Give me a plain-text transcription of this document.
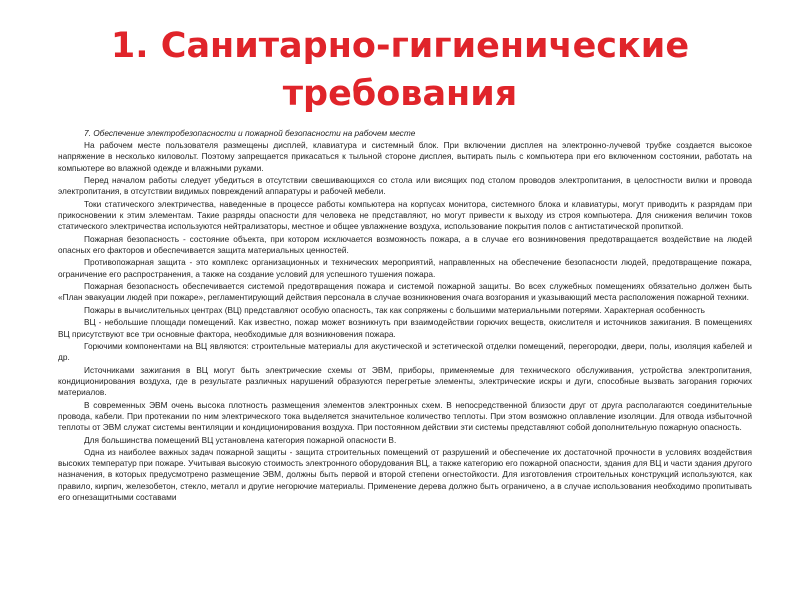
1. Санитарно-гигиенические
требования

7. Обеспечение электробезопасности и пожарной безопасности на рабочем месте

На рабочем месте пользователя размещены дисплей, клавиатура и системный блок. При включении дисплея на электронно-лучевой трубке создается высокое напряжение в несколько киловольт. Поэтому запрещается прикасаться к тыльной стороне дисплея, вытирать пыль с компьютера при его включенном состоянии, работать на компьютере во влажной одежде и влажными руками.

Перед началом работы следует убедиться в отсутствии свешивающихся со стола или висящих под столом проводов электропитания, в целостности вилки и провода электропитания, в отсутствии видимых повреждений аппаратуры и рабочей мебели.

Токи статического электричества, наведенные в процессе работы компьютера на корпусах монитора, системного блока и клавиатуры, могут приводить к разрядам при прикосновении к этим элементам. Такие разряды опасности для человека не представляют, но могут привести к выходу из строя компьютера. Для снижения величин токов статического электричества используются нейтрализаторы, местное и общее увлажнение воздуха, использование покрытия полов с антистатической пропиткой.

Пожарная безопасность - состояние объекта, при котором исключается возможность пожара, а в случае его возникновения предотвращается воздействие на людей опасных его факторов и обеспечивается защита материальных ценностей.

Противопожарная защита - это комплекс организационных и технических мероприятий, направленных на обеспечение безопасности людей, предотвращение пожара, ограничение его распространения, а также на создание условий для успешного тушения пожара.

Пожарная безопасность обеспечивается системой предотвращения пожара и системой пожарной защиты. Во всех служебных помещениях обязательно должен быть «План эвакуации людей при пожаре», регламентирующий действия персонала в случае возникновения очага возгорания и указывающий места расположения пожарной техники.

Пожары в вычислительных центрах (ВЦ) представляют особую опасность, так как сопряжены с большими материальными потерями. Характерная особенность

ВЦ - небольшие площади помещений. Как известно, пожар может возникнуть при взаимодействии горючих веществ, окислителя и источников зажигания. В помещениях ВЦ присутствуют все три основные фактора, необходимые для возникновения пожара.

Горючими компонентами на ВЦ являются: строительные материалы для акустической и эстетической отделки помещений, перегородки, двери, полы, изоляция кабелей и др.

Источниками зажигания в ВЦ могут быть электрические схемы от ЭВМ, приборы, применяемые для технического обслуживания, устройства электропитания, кондиционирования воздуха, где в результате различных нарушений образуются перегретые элементы, электрические искры и дуги, способные вызвать загорания горючих материалов.

В современных ЭВМ очень высока плотность размещения элементов электронных схем. В непосредственной близости друг от друга располагаются соединительные провода, кабели. При протекании по ним электрического тока выделяется значительное количество теплоты. При этом возможно оплавление изоляции. Для отвода избыточной теплоты от ЭВМ служат системы вентиляции и кондиционирования воздуха. При постоянном действии эти системы представляют собой дополнительную пожарную опасность.

Для большинства помещений ВЦ установлена категория пожарной опасности В.

Одна из наиболее важных задач пожарной защиты - защита строительных помещений от разрушений и обеспечение их достаточной прочности в условиях воздействия высоких температур при пожаре. Учитывая высокую стоимость электронного оборудования ВЦ, а также категорию его пожарной опасности, здания для ВЦ и части здания другого назначения, в которых предусмотрено размещение ЭВМ, должны быть первой и второй степени огнестойкости. Для изготовления строительных конструкций используются, как правило, кирпич, железобетон, стекло, металл и другие негорючие материалы. Применение дерева должно быть ограничено, а в случае использования необходимо пропитывать его огнезащитными составами
